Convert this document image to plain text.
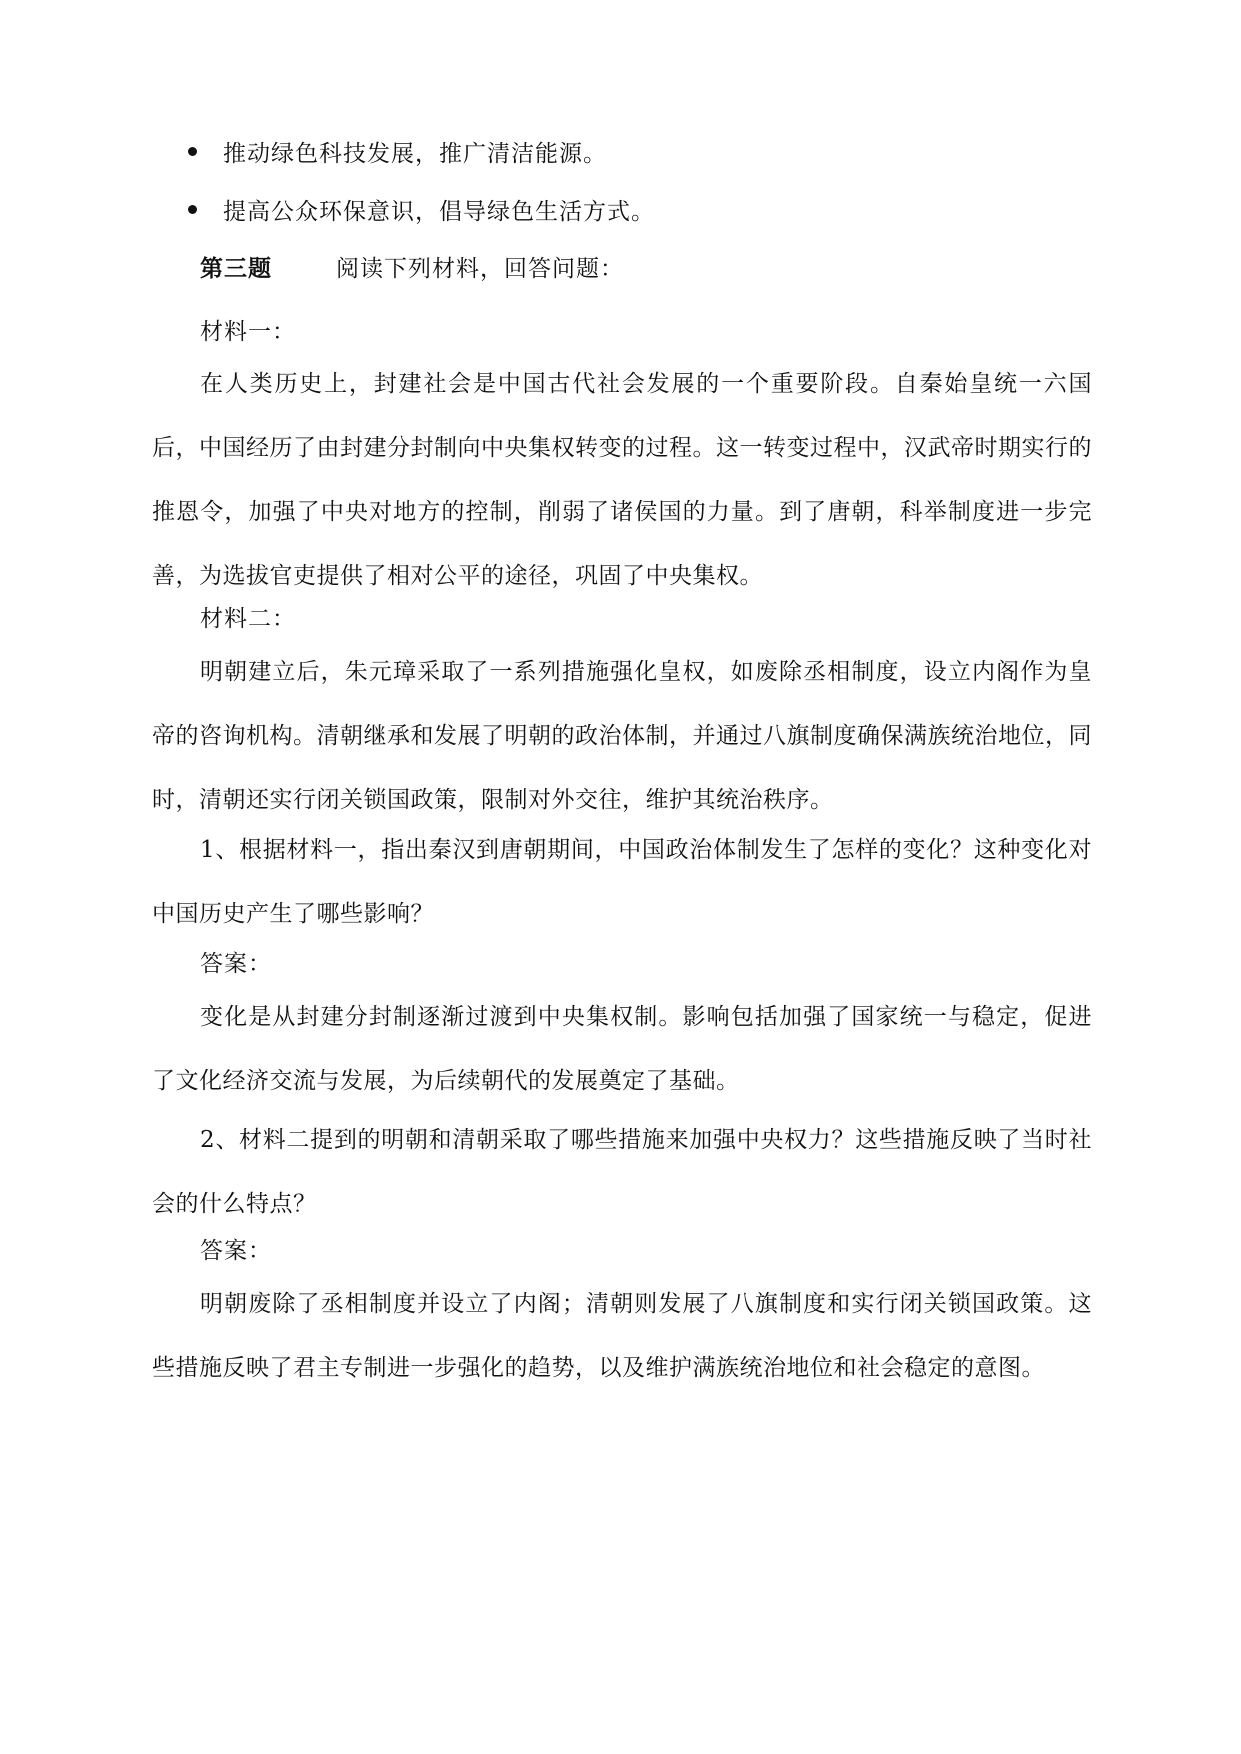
推动绿色科技发展，推广清洁能源。
提高公众环保意识，倡导绿色生活方式。
第三题	阅读下列材料，回答问题：
材料一：

在人类历史上，封建社会是中国古代社会发展的一个重要阶段。自秦始皇统一六国后，中国经历了由封建分封制向中央集权转变的过程。这一转变过程中，汉武帝时期实行的推恩令，加强了中央对地方的控制，削弱了诸侯国的力量。到了唐朝，科举制度进一步完善，为选拔官吏提供了相对公平的途径，巩固了中央集权。

材料二：

明朝建立后，朱元璋采取了一系列措施强化皇权，如废除丞相制度，设立内阁作为皇帝的咨询机构。清朝继承和发展了明朝的政治体制，并通过八旗制度确保满族统治地位，同时，清朝还实行闭关锁国政策，限制对外交往，维护其统治秩序。

1、根据材料一，指出秦汉到唐朝期间，中国政治体制发生了怎样的变化？这种变化对中国历史产生了哪些影响？

答案：

变化是从封建分封制逐渐过渡到中央集权制。影响包括加强了国家统一与稳定，促进了文化经济交流与发展，为后续朝代的发展奠定了基础。

2、材料二提到的明朝和清朝采取了哪些措施来加强中央权力？这些措施反映了当时社会的什么特点？

答案：

明朝废除了丞相制度并设立了内阁；清朝则发展了八旗制度和实行闭关锁国政策。这些措施反映了君主专制进一步强化的趋势，以及维护满族统治地位和社会稳定的意图。
